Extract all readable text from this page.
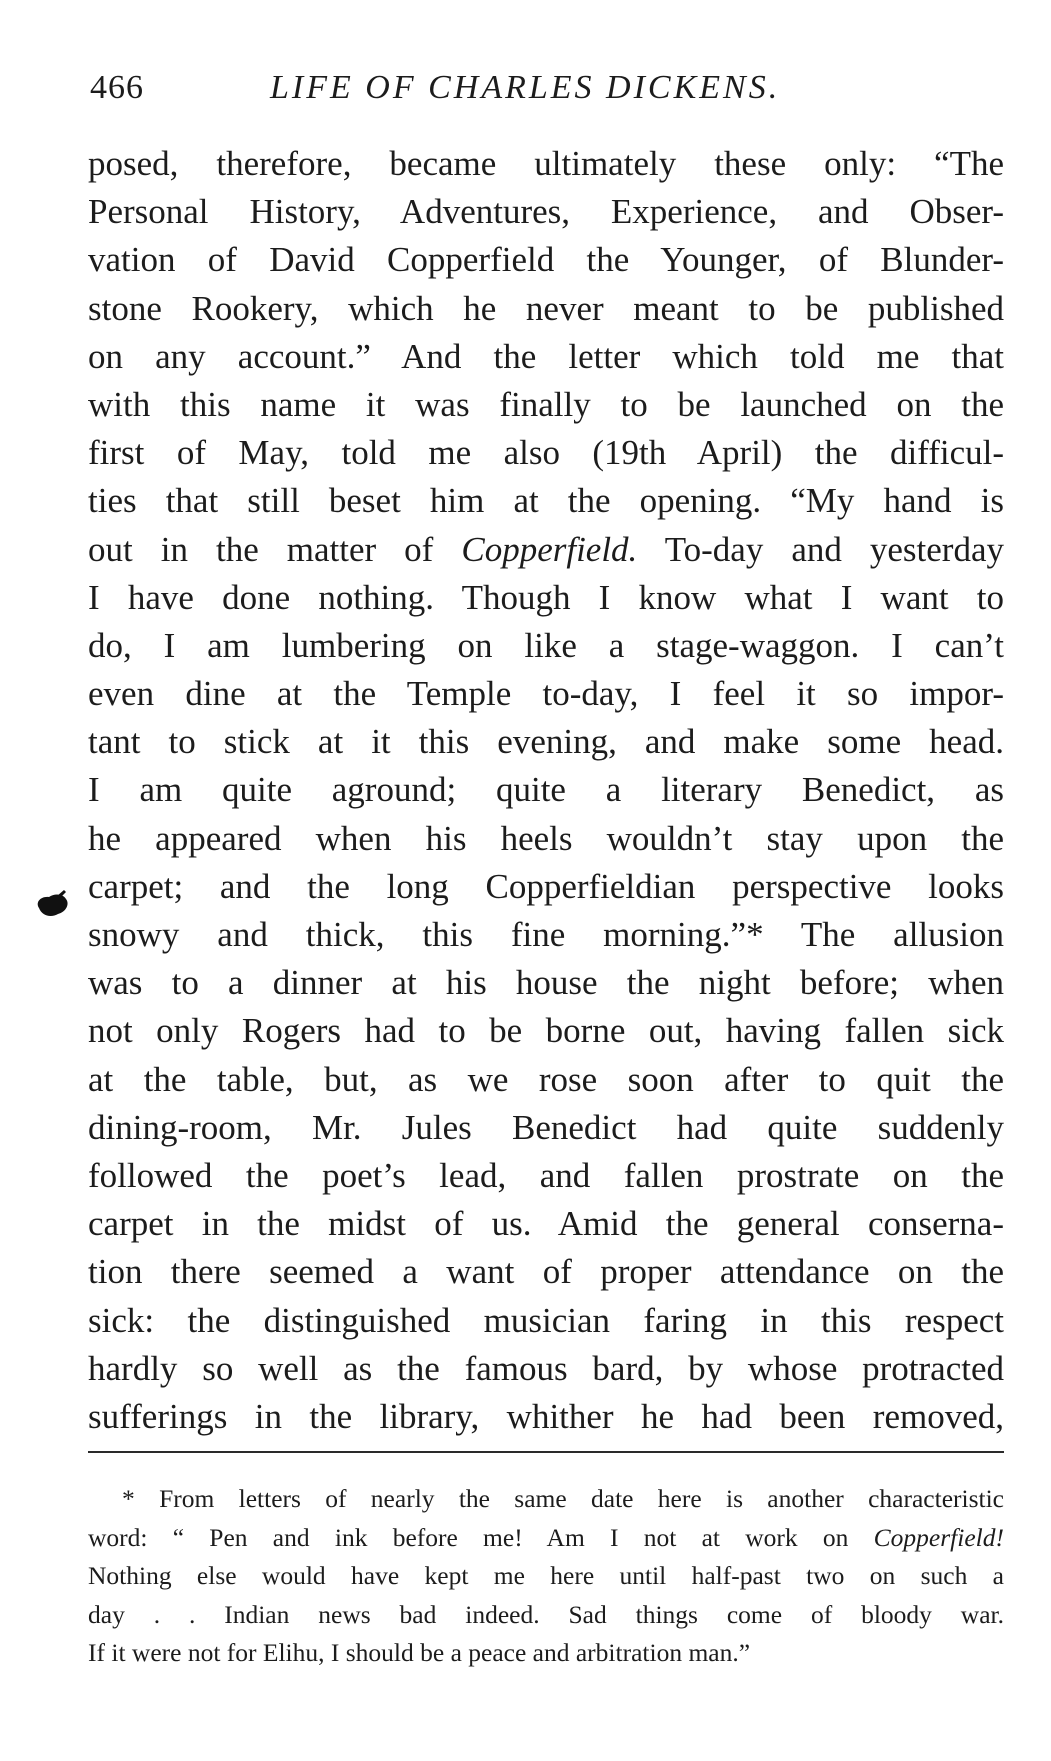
466	LIFE OF CHARLES DICKENS.
posed, therefore, became ultimately these only: “The
Personal History, Adventures, Experience, and Obser-
vation of David Copperfield the Younger, of Blunder-
stone Rookery, which he never meant to be published
on any account.” And the letter which told me that
with this name it was finally to be launched on the
first of May, told me also (19th April) the difficul-
ties that still beset him at the opening. “My hand is
out in the matter of Copperfield. To-day and yesterday
I have done nothing. Though I know what I want to
do, I am lumbering on like a stage-waggon. I can’t
even dine at the Temple to-day, I feel it so impor-
tant to stick at it this evening, and make some head.
I am quite aground; quite a literary Benedict, as
he appeared when his heels wouldn’t stay upon the
carpet; and the long Copperfieldian perspective looks
snowy and thick, this fine morning.”* The allusion
was to a dinner at his house the night before; when
not only Rogers had to be borne out, having fallen sick
at the table, but, as we rose soon after to quit the
dining-room, Mr. Jules Benedict had quite suddenly
followed the poet’s lead, and fallen prostrate on the
carpet in the midst of us. Amid the general conserna-
tion there seemed a want of proper attendance on the
sick: the distinguished musician faring in this respect
hardly so well as the famous bard, by whose protracted
sufferings in the library, whither he had been removed,
* From letters of nearly the same date here is another characteristic
word: “ Pen and ink before me! Am I not at work on Copperfield!
Nothing else would have kept me here until half-past two on such a
day . . Indian news bad indeed. Sad things come of bloody war.
If it were not for Elihu, I should be a peace and arbitration man.”
